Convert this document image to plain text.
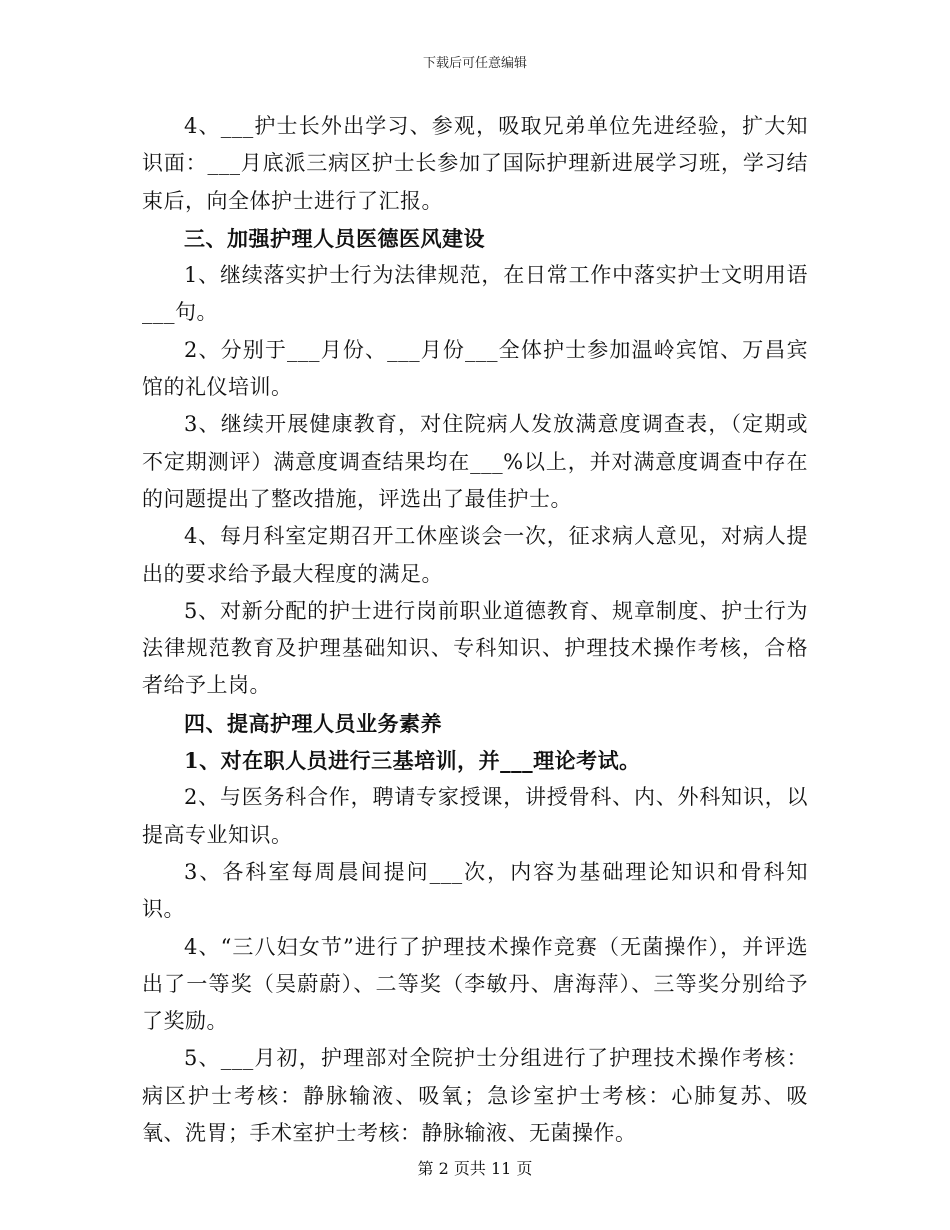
下载后可任意编辑

4、___护士长外出学习、参观，吸取兄弟单位先进经验，扩大知识面：___月底派三病区护士长参加了国际护理新进展学习班，学习结束后，向全体护士进行了汇报。

三、加强护理人员医德医风建设

1、继续落实护士行为法律规范，在日常工作中落实护士文明用语___句。

2、分别于___月份、___月份___全体护士参加温岭宾馆、万昌宾馆的礼仪培训。

3、继续开展健康教育，对住院病人发放满意度调查表，（定期或不定期测评）满意度调查结果均在___%以上，并对满意度调查中存在的问题提出了整改措施，评选出了最佳护士。

4、每月科室定期召开工休座谈会一次，征求病人意见，对病人提出的要求给予最大程度的满足。

5、对新分配的护士进行岗前职业道德教育、规章制度、护士行为法律规范教育及护理基础知识、专科知识、护理技术操作考核，合格者给予上岗。

四、提高护理人员业务素养

1、对在职人员进行三基培训，并___理论考试。

2、与医务科合作，聘请专家授课，讲授骨科、内、外科知识，以提高专业知识。

3、各科室每周晨间提问___次，内容为基础理论知识和骨科知识。

4、“三八妇女节”进行了护理技术操作竞赛（无菌操作），并评选出了一等奖（吴蔚蔚）、二等奖（李敏丹、唐海萍）、三等奖分别给予了奖励。

5、___月初，护理部对全院护士分组进行了护理技术操作考核：病区护士考核：静脉输液、吸氧；急诊室护士考核：心肺复苏、吸氧、洗胃；手术室护士考核：静脉输液、无菌操作。

第 2 页共 11 页
